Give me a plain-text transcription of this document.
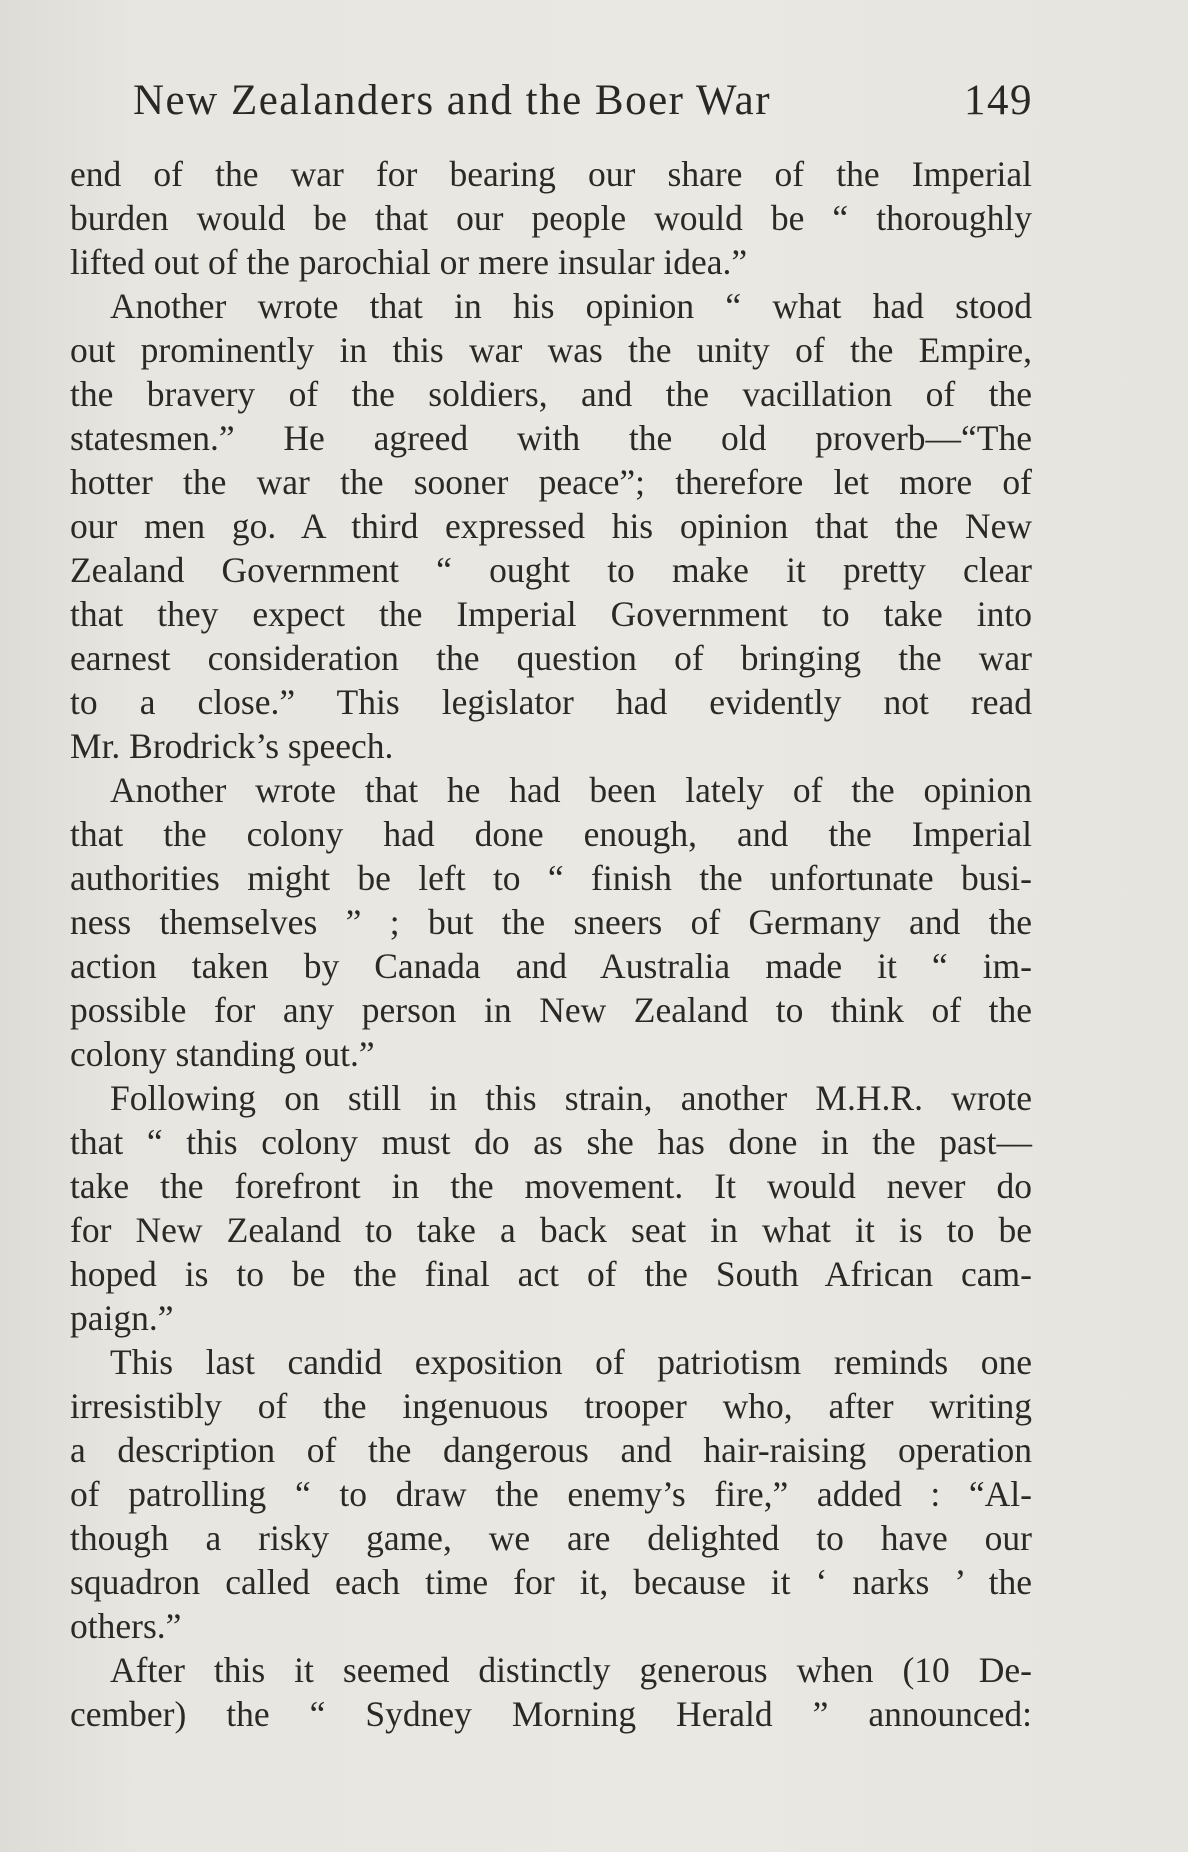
New Zealanders and the Boer War	149
end of the war for bearing our share of the Imperial
burden would be that our people would be “ thoroughly
lifted out of the parochial or mere insular idea.”
Another wrote that in his opinion “ what had stood
out prominently in this war was the unity of the Empire,
the bravery of the soldiers, and the vacillation of the
statesmen.” He agreed with the old proverb—“The
hotter the war the sooner peace”; therefore let more of
our men go. A third expressed his opinion that the New
Zealand Government “ ought to make it pretty clear
that they expect the Imperial Government to take into
earnest consideration the question of bringing the war
to a close.” This legislator had evidently not read
Mr. Brodrick’s speech.
Another wrote that he had been lately of the opinion
that the colony had done enough, and the Imperial
authorities might be left to “ finish the unfortunate busi-
ness themselves ” ; but the sneers of Germany and the
action taken by Canada and Australia made it “ im-
possible for any person in New Zealand to think of the
colony standing out.”
Following on still in this strain, another M.H.R. wrote
that “ this colony must do as she has done in the past—
take the forefront in the movement. It would never do
for New Zealand to take a back seat in what it is to be
hoped is to be the final act of the South African cam-
paign.”
This last candid exposition of patriotism reminds one
irresistibly of the ingenuous trooper who, after writing
a description of the dangerous and hair-raising operation
of patrolling “ to draw the enemy’s fire,” added : “Al-
though a risky game, we are delighted to have our
squadron called each time for it, because it ‘ narks ’ the
others.”
After this it seemed distinctly generous when (10 De-
cember) the “ Sydney Morning Herald ” announced:
